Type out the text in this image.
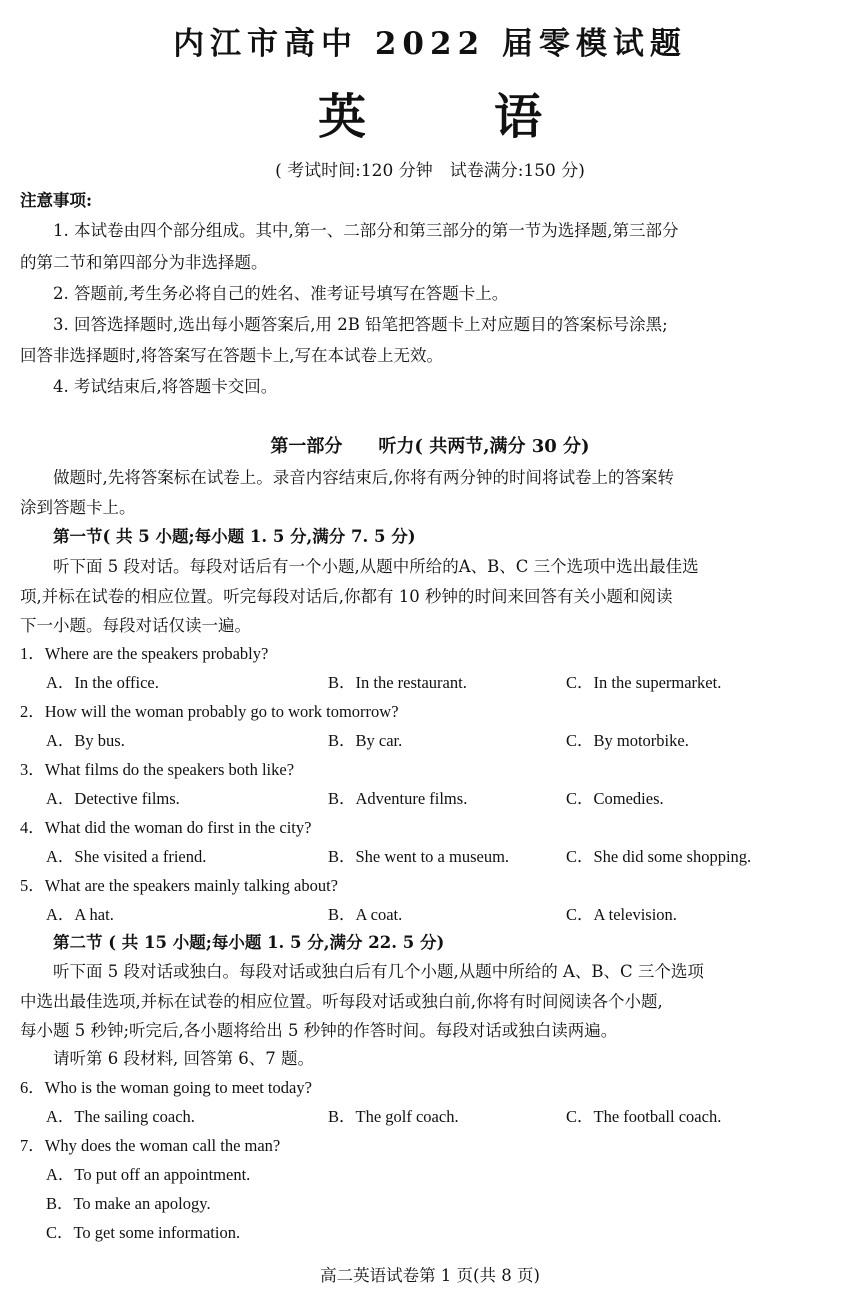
内江市高中 2022 届零模试题
英　语
( 考试时间:120 分钟　试卷满分:150 分)
注意事项:
　　1. 本试卷由四个部分组成。其中,第一、二部分和第三部分的第一节为选择题,第三部分
的第二节和第四部分为非选择题。
　　2. 答题前,考生务必将自己的姓名、准考证号填写在答题卡上。
　　3. 回答选择题时,选出每小题答案后,用 2B 铅笔把答题卡上对应题目的答案标号涂黑;
回答非选择题时,将答案写在答题卡上,写在本试卷上无效。
　　4. 考试结束后,将答题卡交回。
第一部分　　听力( 共两节,满分 30 分)
　　做题时,先将答案标在试卷上。录音内容结束后,你将有两分钟的时间将试卷上的答案转
涂到答题卡上。
　　第一节( 共 5 小题;每小题 1. 5 分,满分 7. 5 分)
　　听下面 5 段对话。每段对话后有一个小题,从题中所给的A、B、C 三个选项中选出最佳选
项,并标在试卷的相应位置。听完每段对话后,你都有 10 秒钟的时间来回答有关小题和阅读
下一小题。每段对话仅读一遍。
1．Where are the speakers probably?
A．In the office.	B．In the restaurant.	C．In the supermarket.
2．How will the woman probably go to work tomorrow?
A．By bus.	B．By car.	C．By motorbike.
3．What films do the speakers both like?
A．Detective films.	B．Adventure films.	C．Comedies.
4．What did the woman do first in the city?
A．She visited a friend.	B．She went to a museum.	C．She did some shopping.
5．What are the speakers mainly talking about?
A．A hat.	B．A coat.	C．A television.
　　第二节 ( 共 15 小题;每小题 1. 5 分,满分 22. 5 分)
　　听下面 5 段对话或独白。每段对话或独白后有几个小题,从题中所给的 A、B、C 三个选项
中选出最佳选项,并标在试卷的相应位置。听每段对话或独白前,你将有时间阅读各个小题,
每小题 5 秒钟;听完后,各小题将给出 5 秒钟的作答时间。每段对话或独白读两遍。
　　请听第 6 段材料, 回答第 6、7 题。
6．Who is the woman going to meet today?
A．The sailing coach.	B．The golf coach.	C．The football coach.
7．Why does the woman call the man?
A．To put off an appointment.
B．To make an apology.
C．To get some information.
高二英语试卷第 1 页(共 8 页)
